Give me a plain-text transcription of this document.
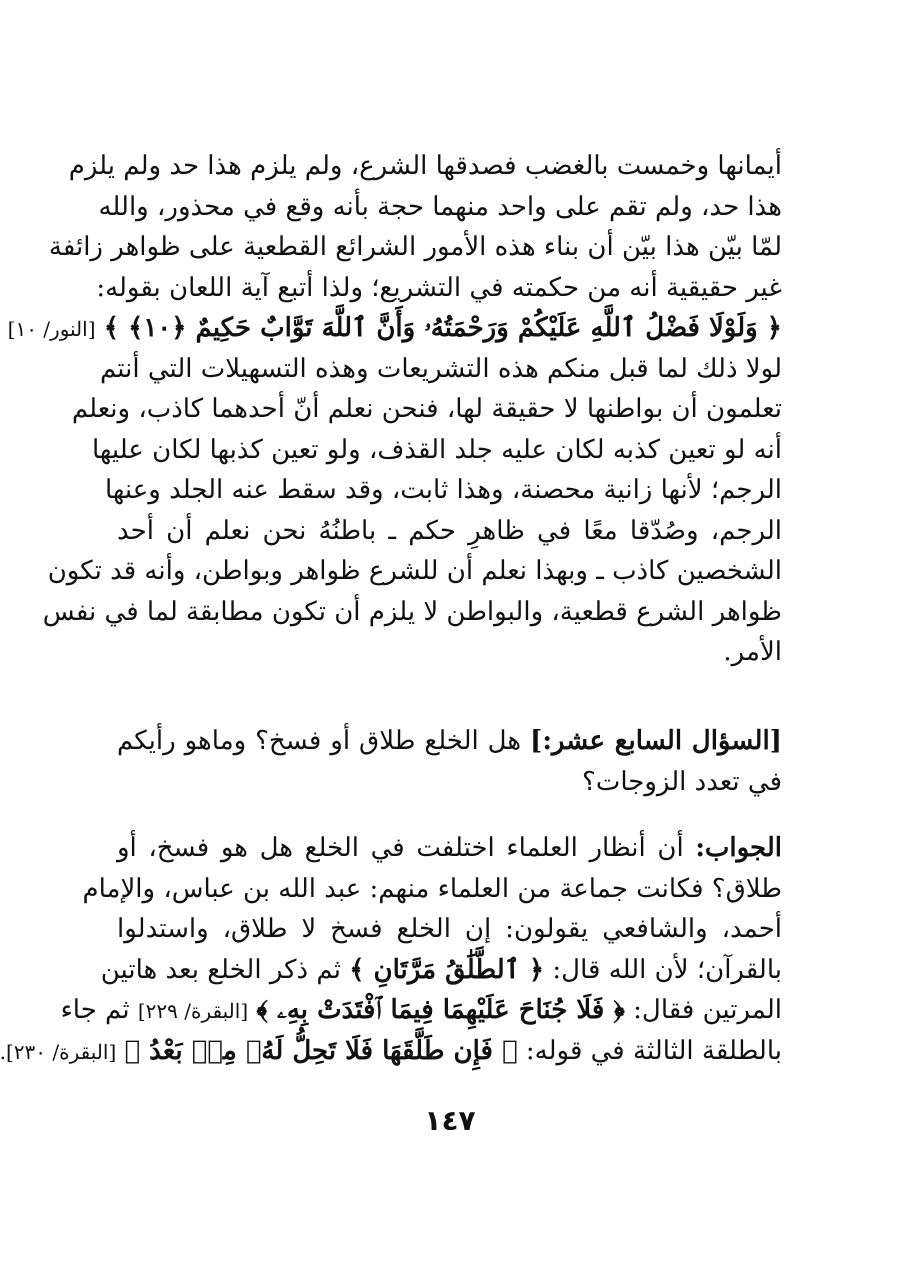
أيمانها وخمست بالغضب فصدقها الشرع، ولم يلزم هذا حد ولم يلزم
هذا حد، ولم تقم على واحد منهما حجة بأنه وقع في محذور، والله
لمّا بيّن هذا بيّن أن بناء هذه الأمور الشرائع القطعية على ظواهر زائفة
غير حقيقية أنه من حكمته في التشريع؛ ولذا أتبع آية اللعان بقوله:
﴿ وَلَوْلَا فَضْلُ ٱللَّهِ عَلَيْكُمْ وَرَحْمَتُهُۥ وَأَنَّ ٱللَّهَ تَوَّابٌ حَكِيمٌ ﴿١٠﴾ ﴾ [النور/ ١٠]
لولا ذلك لما قبل منكم هذه التشريعات وهذه التسهيلات التي أنتم
تعلمون أن بواطنها لا حقيقة لها، فنحن نعلم أنّ أحدهما كاذب، ونعلم
أنه لو تعين كذبه لكان عليه جلد القذف، ولو تعين كذبها لكان عليها
الرجم؛ لأنها زانية محصنة، وهذا ثابت، وقد سقط عنه الجلد وعنها
الرجم، وصُدّقا معًا في ظاهرِ حكم ـ باطنُهُ نحن نعلم أن أحد
الشخصين كاذب ـ وبهذا نعلم أن للشرع ظواهر وبواطن، وأنه قد تكون
ظواهر الشرع قطعية، والبواطن لا يلزم أن تكون مطابقة لما في نفس
الأمر.
[السؤال السابع عشر:] هل الخلع طلاق أو فسخ؟ وماهو رأيكم
في تعدد الزوجات؟
الجواب: أن أنظار العلماء اختلفت في الخلع هل هو فسخ، أو
طلاق؟ فكانت جماعة من العلماء منهم: عبد الله بن عباس، والإمام
أحمد، والشافعي يقولون: إن الخلع فسخ لا طلاق، واستدلوا
بالقرآن؛ لأن الله قال: ﴿ ٱلطَّلَٰقُ مَرَّتَانِ ﴾ ثم ذكر الخلع بعد هاتين
المرتين فقال: ﴿ فَلَا جُنَاحَ عَلَيْهِمَا فِيمَا ٱفْتَدَتْ بِهِۦ ﴾ [البقرة/ ٢٢٩] ثم جاء
بالطلقة الثالثة في قوله: ﴿ فَإِن طَلَّقَهَا فَلَا تَحِلُّ لَهُۥ مِنۢ بَعْدُ ﴾ [البقرة/ ٢٣٠].
١٤٧
